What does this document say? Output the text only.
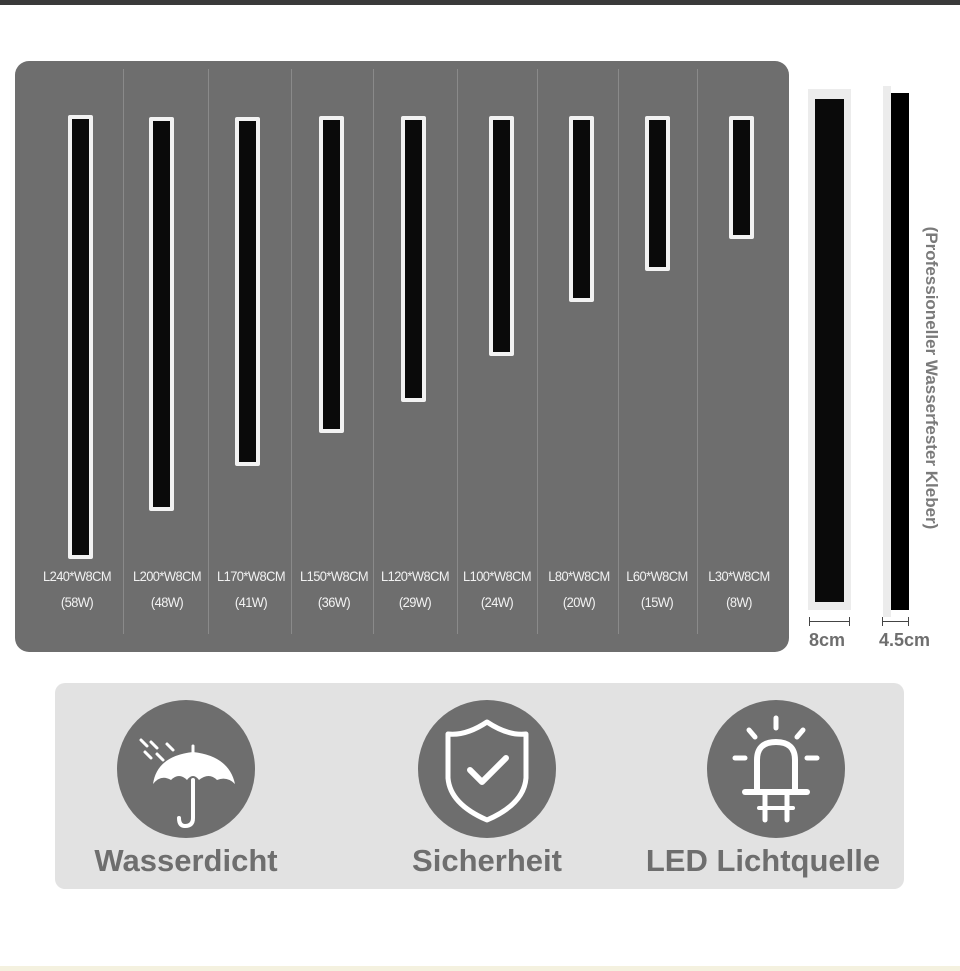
L240*W8CM
(58W)
L200*W8CM
(48W)
L170*W8CM
(41W)
L150*W8CM
(36W)
L120*W8CM
(29W)
L100*W8CM
(24W)
L80*W8CM
(20W)
L60*W8CM
(15W)
L30*W8CM
(8W)
8cm 4.5cm
(Professioneller Wasserfester Kleber)
Wasserdicht	Sicherheit	LED Lichtquelle
